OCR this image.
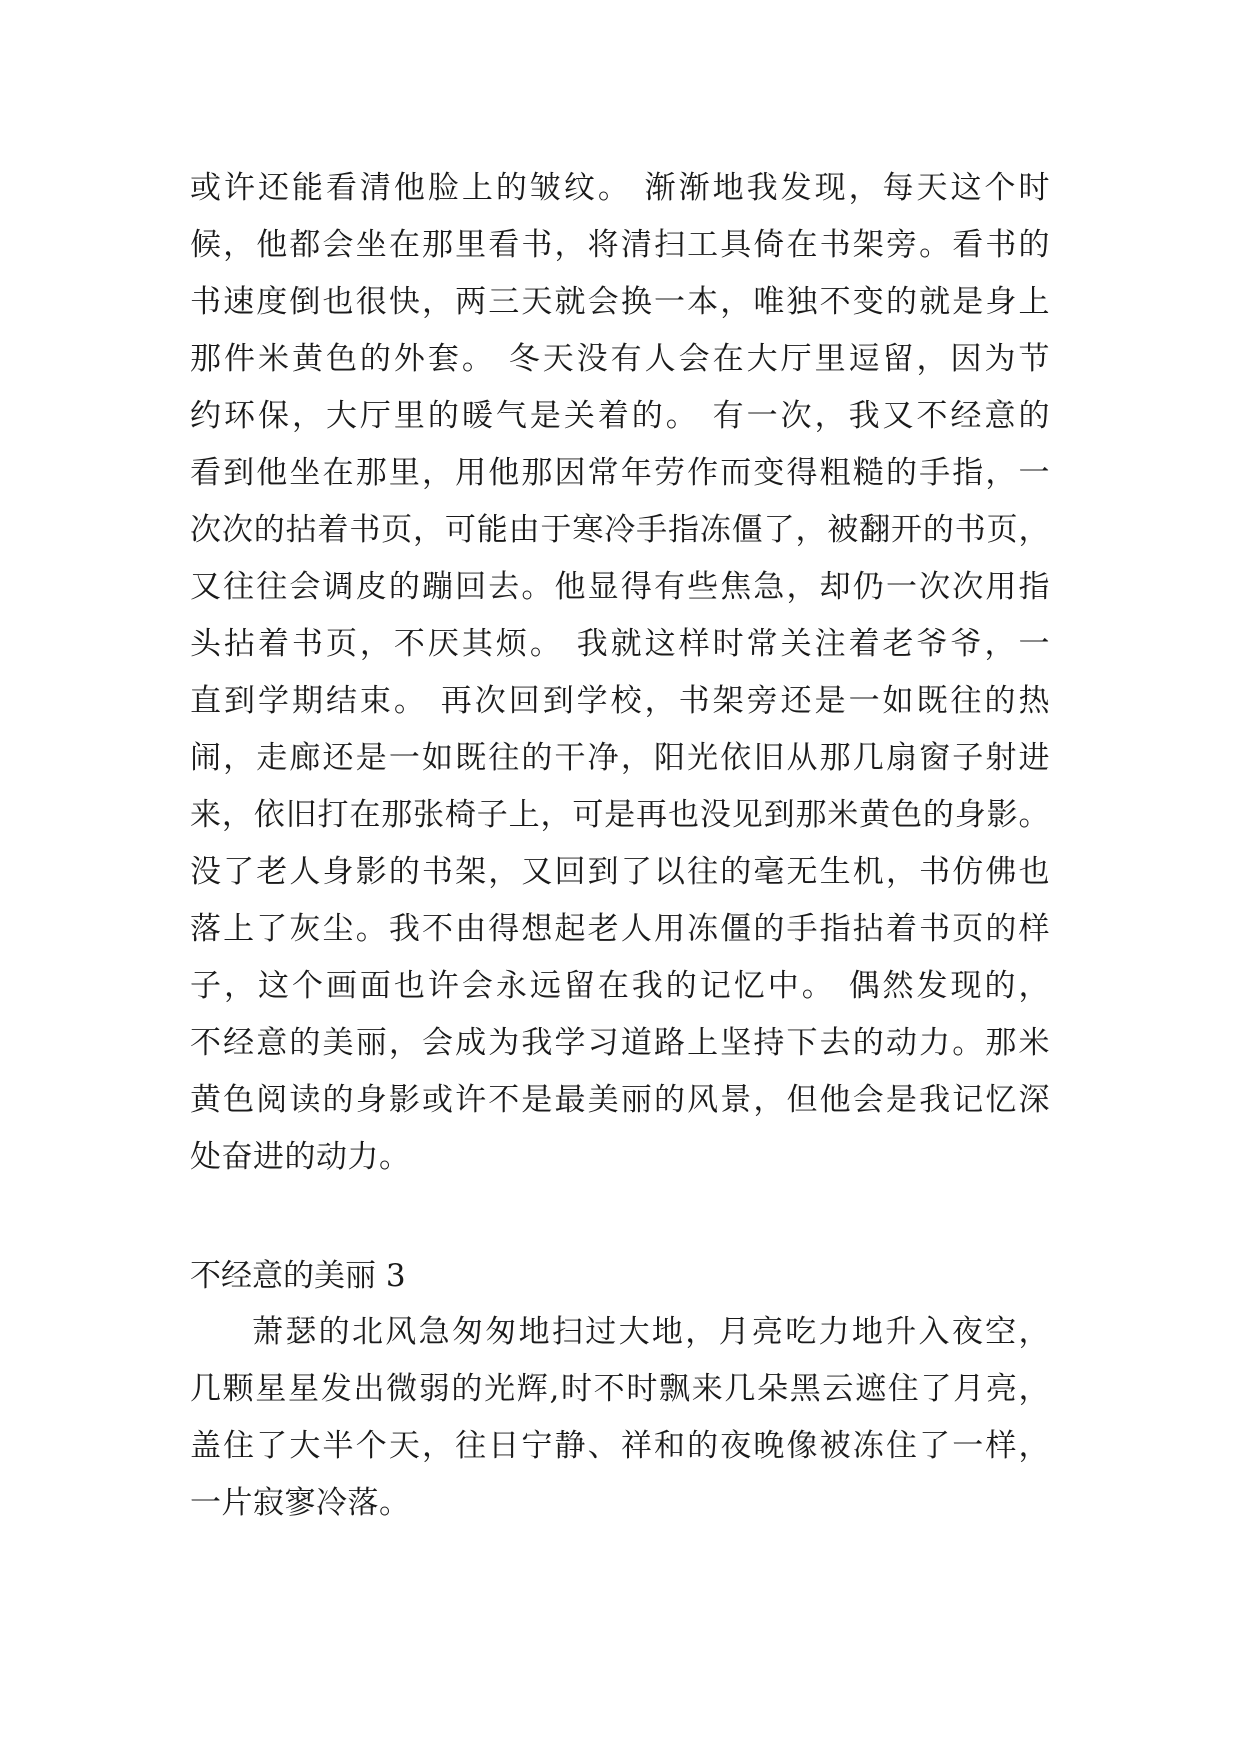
或许还能看清他脸上的皱纹。 渐渐地我发现，每天这个时
候，他都会坐在那里看书，将清扫工具倚在书架旁。看书的
书速度倒也很快，两三天就会换一本，唯独不变的就是身上
那件米黄色的外套。 冬天没有人会在大厅里逗留，因为节
约环保，大厅里的暖气是关着的。 有一次，我又不经意的
看到他坐在那里，用他那因常年劳作而变得粗糙的手指，一
次次的拈着书页，可能由于寒冷手指冻僵了，被翻开的书页，
又往往会调皮的蹦回去。他显得有些焦急，却仍一次次用指
头拈着书页，不厌其烦。 我就这样时常关注着老爷爷，一
直到学期结束。 再次回到学校，书架旁还是一如既往的热
闹，走廊还是一如既往的干净，阳光依旧从那几扇窗子射进
来，依旧打在那张椅子上，可是再也没见到那米黄色的身影。
没了老人身影的书架，又回到了以往的毫无生机，书仿佛也
落上了灰尘。我不由得想起老人用冻僵的手指拈着书页的样
子，这个画面也许会永远留在我的记忆中。 偶然发现的，
不经意的美丽，会成为我学习道路上坚持下去的动力。那米
黄色阅读的身影或许不是最美丽的风景，但他会是我记忆深
处奋进的动力。
不经意的美丽 3
萧瑟的北风急匆匆地扫过大地，月亮吃力地升入夜空，
几颗星星发出微弱的光辉,时不时飘来几朵黑云遮住了月亮，
盖住了大半个天，往日宁静、祥和的夜晚像被冻住了一样，
一片寂寥冷落。
